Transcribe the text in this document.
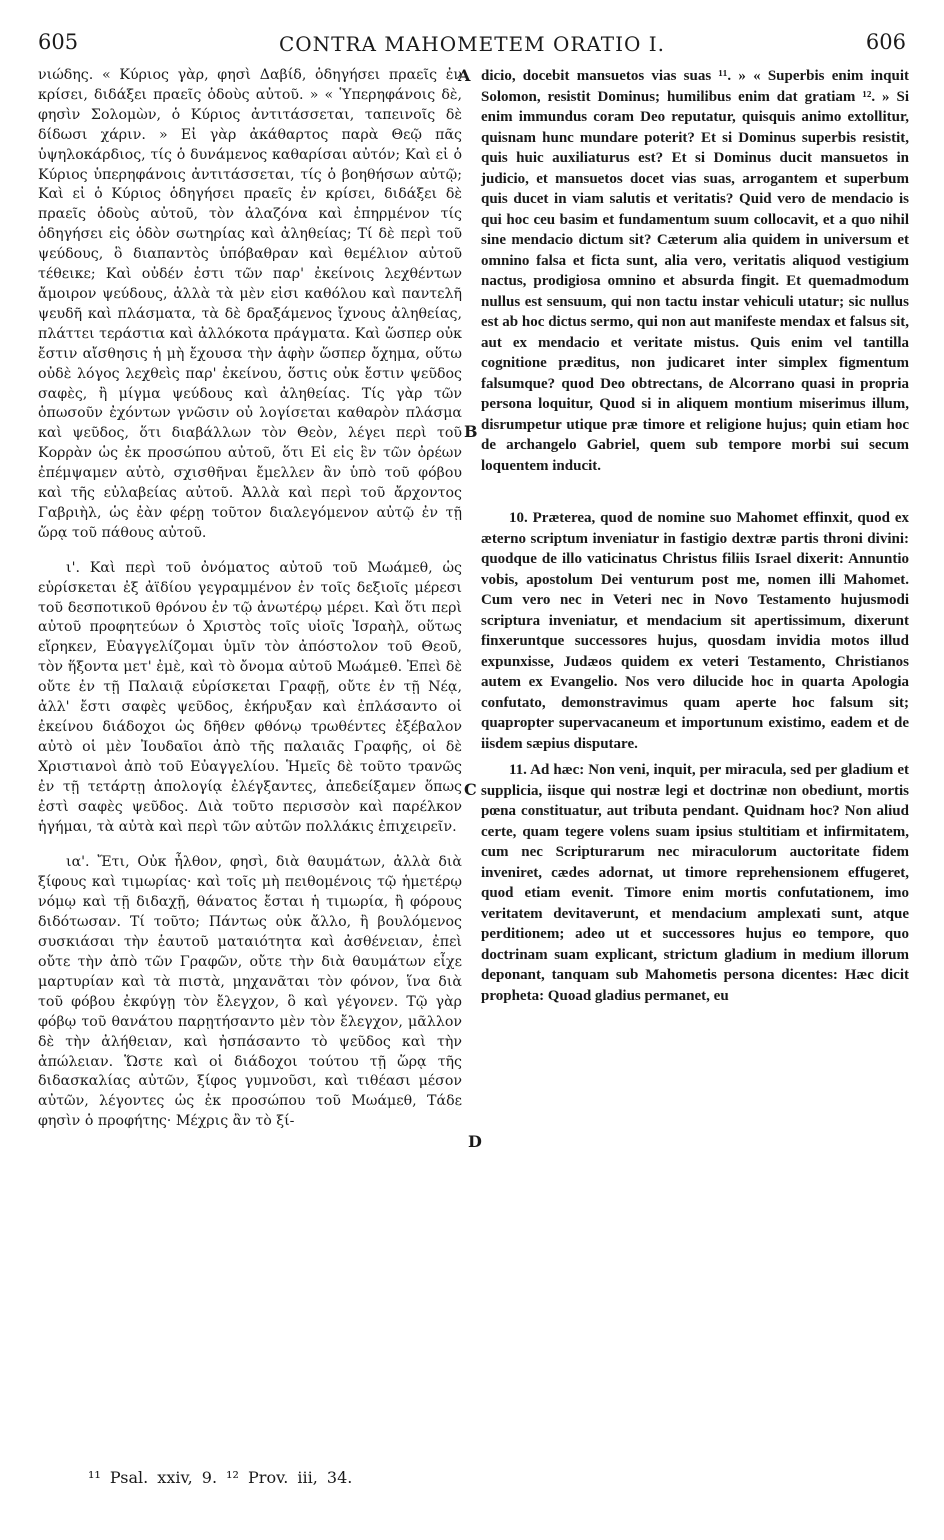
605	CONTRA MAHOMETEM ORATIO I.	606

νιώδης. « Κύριος γὰρ, φησὶ Δαβίδ, ὁδηγήσει πραεῖς ἐν κρίσει, διδάξει πραεῖς ὁδοὺς αὐτοῦ. » « Ὑπερηφάνοις δὲ, φησὶν Σολομὼν, ὁ Κύριος ἀντιτάσσεται, ταπεινοῖς δὲ δίδωσι χάριν. » Εἰ γὰρ ἀκάθαρτος παρὰ Θεῷ πᾶς ὑψηλοκάρδιος, τίς ὁ δυνάμενος καθαρίσαι αὐτόν; Καὶ εἰ ὁ Κύριος ὑπερηφάνοις ἀντιτάσσεται, τίς ὁ βοηθήσων αὐτῷ; Καὶ εἰ ὁ Κύριος ὁδηγήσει πραεῖς ἐν κρίσει, διδάξει δὲ πραεῖς ὁδοὺς αὐτοῦ, τὸν ἀλαζόνα καὶ ἐπηρμένον τίς ὁδηγήσει εἰς ὁδὸν σωτηρίας καὶ ἀληθείας; Τί δὲ περὶ τοῦ ψεύδους, ὃ διαπαντὸς ὑπόβαθραν καὶ θεμέλιον αὐτοῦ τέθεικε; Καὶ οὐδέν ἐστι τῶν παρ' ἐκείνοις λεχθέντων ἄμοιρον ψεύδους, ἀλλὰ τὰ μὲν εἰσι καθόλου καὶ παντελῆ ψευδῆ καὶ πλάσματα, τὰ δὲ δραξάμενος ἴχνους ἀληθείας, πλάττει τεράστια καὶ ἀλλόκοτα πράγματα. Καὶ ὥσπερ οὐκ ἔστιν αἴσθησις ἡ μὴ ἔχουσα τὴν ἁφὴν ὥσπερ ὄχημα, οὕτω οὐδὲ λόγος λεχθεὶς παρ' ἐκείνου, ὅστις οὐκ ἔστιν ψεῦδος σαφὲς, ἢ μίγμα ψεύδους καὶ ἀληθείας. Τίς γὰρ τῶν ὁπωσοῦν ἐχόντων γνῶσιν οὐ λογίσεται καθαρὸν πλάσμα καὶ ψεῦδος, ὅτι διαβάλλων τὸν Θεὸν, λέγει περὶ τοῦ Κορρὰν ὡς ἐκ προσώπου αὐτοῦ, ὅτι Εἰ εἰς ἓν τῶν ὀρέων ἐπέμψαμεν αὐτὸ, σχισθῆναι ἔμελλεν ἂν ὑπὸ τοῦ φόβου καὶ τῆς εὐλαβείας αὐτοῦ. Ἀλλὰ καὶ περὶ τοῦ ἄρχοντος Γαβριὴλ, ὡς ἐὰν φέρῃ τοῦτον διαλεγόμενον αὐτῷ ἐν τῇ ὥρᾳ τοῦ πάθους αὐτοῦ.

ι'. Καὶ περὶ τοῦ ὀνόματος αὐτοῦ τοῦ Μωάμεθ, ὡς εὑρίσκεται ἐξ ἀϊδίου γεγραμμένον ἐν τοῖς δεξιοῖς μέρεσι τοῦ δεσποτικοῦ θρόνου ἐν τῷ ἀνωτέρῳ μέρει. Καὶ ὅτι περὶ αὐτοῦ προφητεύων ὁ Χριστὸς τοῖς υἱοῖς Ἰσραὴλ, οὕτως εἴρηκεν, Εὐαγγελίζομαι ὑμῖν τὸν ἀπόστολον τοῦ Θεοῦ, τὸν ἥξοντα μετ' ἐμὲ, καὶ τὸ ὄνομα αὐτοῦ Μωάμεθ. Ἐπεὶ δὲ οὔτε ἐν τῇ Παλαιᾷ εὑρίσκεται Γραφῇ, οὔτε ἐν τῇ Νέᾳ, ἀλλ' ἔστι σαφὲς ψεῦδος, ἐκήρυξαν καὶ ἐπλάσαντο οἱ ἐκείνου διάδοχοι ὡς δῆθεν φθόνῳ τρωθέντες ἐξέβαλον αὐτὸ οἱ μὲν Ἰουδαῖοι ἀπὸ τῆς παλαιᾶς Γραφῆς, οἱ δὲ Χριστιανοὶ ἀπὸ τοῦ Εὐαγγελίου. Ἡμεῖς δὲ τοῦτο τρανῶς ἐν τῇ τετάρτῃ ἀπολογίᾳ ἐλέγξαντες, ἀπεδείξαμεν ὅπως ἐστὶ σαφὲς ψεῦδος. Διὰ τοῦτο περισσὸν καὶ παρέλκον ἡγήμαι, τὰ αὐτὰ καὶ περὶ τῶν αὐτῶν πολλάκις ἐπιχειρεῖν.

ια'. Ἔτι, Οὐκ ἦλθον, φησὶ, διὰ θαυμάτων, ἀλλὰ διὰ ξίφους καὶ τιμωρίας· καὶ τοῖς μὴ πειθομένοις τῷ ἡμετέρῳ νόμῳ καὶ τῇ διδαχῇ, θάνατος ἔσται ἡ τιμωρία, ἢ φόρους διδότωσαν. Τί τοῦτο; Πάντως οὐκ ἄλλο, ἢ βουλόμενος συσκιάσαι τὴν ἑαυτοῦ ματαιότητα καὶ ἀσθένειαν, ἐπεὶ οὔτε τὴν ἀπὸ τῶν Γραφῶν, οὔτε τὴν διὰ θαυμάτων εἶχε μαρτυρίαν καὶ τὰ πιστὰ, μηχανᾶται τὸν φόνον, ἵνα διὰ τοῦ φόβου ἐκφύγῃ τὸν ἔλεγχον, ὃ καὶ γέγονεν. Τῷ γὰρ φόβῳ τοῦ θανάτου παρῃτήσαντο μὲν τὸν ἔλεγχον, μᾶλλον δὲ τὴν ἀλήθειαν, καὶ ἠσπάσαντο τὸ ψεῦδος καὶ τὴν ἀπώλειαν. Ὥστε καὶ οἱ διάδοχοι τούτου τῇ ὥρᾳ τῆς διδασκαλίας αὐτῶν, ξίφος γυμνοῦσι, καὶ τιθέασι μέσον αὐτῶν, λέγοντες ὡς ἐκ προσώπου τοῦ Μωάμεθ, Τάδε φησὶν ὁ προφήτης· Μέχρις ἂν τὸ ξί-

A
B
C
D

dicio, docebit mansuetos vias suas ¹¹. » « Superbis enim inquit Solomon, resistit Dominus; humilibus enim dat gratiam ¹². » Si enim immundus coram Deo reputatur, quisquis animo extollitur, quisnam hunc mundare poterit? Et si Dominus superbis resistit, quis huic auxiliaturus est? Et si Dominus ducit mansuetos in judicio, et mansuetos docet vias suas, arrogantem et superbum quis ducet in viam salutis et veritatis? Quid vero de mendacio is qui hoc ceu basim et fundamentum suum collocavit, et a quo nihil sine mendacio dictum sit? Cæterum alia quidem in universum et omnino falsa et ficta sunt, alia vero, veritatis aliquod vestigium nactus, prodigiosa omnino et absurda fingit. Et quemadmodum nullus est sensuum, qui non tactu instar vehiculi utatur; sic nullus est ab hoc dictus sermo, qui non aut manifeste mendax et falsus sit, aut ex mendacio et veritate mistus. Quis enim vel tantilla cognitione præditus, non judicaret inter simplex figmentum falsumque? quod Deo obtrectans, de Alcorrano quasi in propria persona loquitur, Quod si in aliquem montium miserimus illum, disrumpetur utique præ timore et religione hujus; quin etiam hoc de archangelo Gabriel, quem sub tempore morbi sui secum loquentem inducit.

10. Præterea, quod de nomine suo Mahomet effinxit, quod ex æterno scriptum inveniatur in fastigio dextræ partis throni divini: quodque de illo vaticinatus Christus filiis Israel dixerit: Annuntio vobis, apostolum Dei venturum post me, nomen illi Mahomet. Cum vero nec in Veteri nec in Novo Testamento hujusmodi scriptura inveniatur, et mendacium sit apertissimum, dixerunt finxeruntque successores hujus, quosdam invidia motos illud expunxisse, Judæos quidem ex veteri Testamento, Christianos autem ex Evangelio. Nos vero dilucide hoc in quarta Apologia confutato, demonstravimus quam aperte hoc falsum sit; quapropter supervacaneum et importunum existimo, eadem et de iisdem sæpius disputare.

11. Ad hæc: Non veni, inquit, per miracula, sed per gladium et supplicia, iisque qui nostræ legi et doctrinæ non obediunt, mortis pœna constituatur, aut tributa pendant. Quidnam hoc? Non aliud certe, quam tegere volens suam ipsius stultitiam et infirmitatem, cum nec Scripturarum nec miraculorum auctoritate fidem inveniret, cædes adornat, ut timore reprehensionem effugeret, quod etiam evenit. Timore enim mortis confutationem, imo veritatem devitaverunt, et mendacium amplexati sunt, atque perditionem; adeo ut et successores hujus eo tempore, quo doctrinam suam explicant, strictum gladium in medium illorum deponant, tanquam sub Mahometis persona dicentes: Hæc dicit propheta: Quoad gladius permanet, eu

¹¹ Psal. xxiv, 9. ¹² Prov. iii, 34.
